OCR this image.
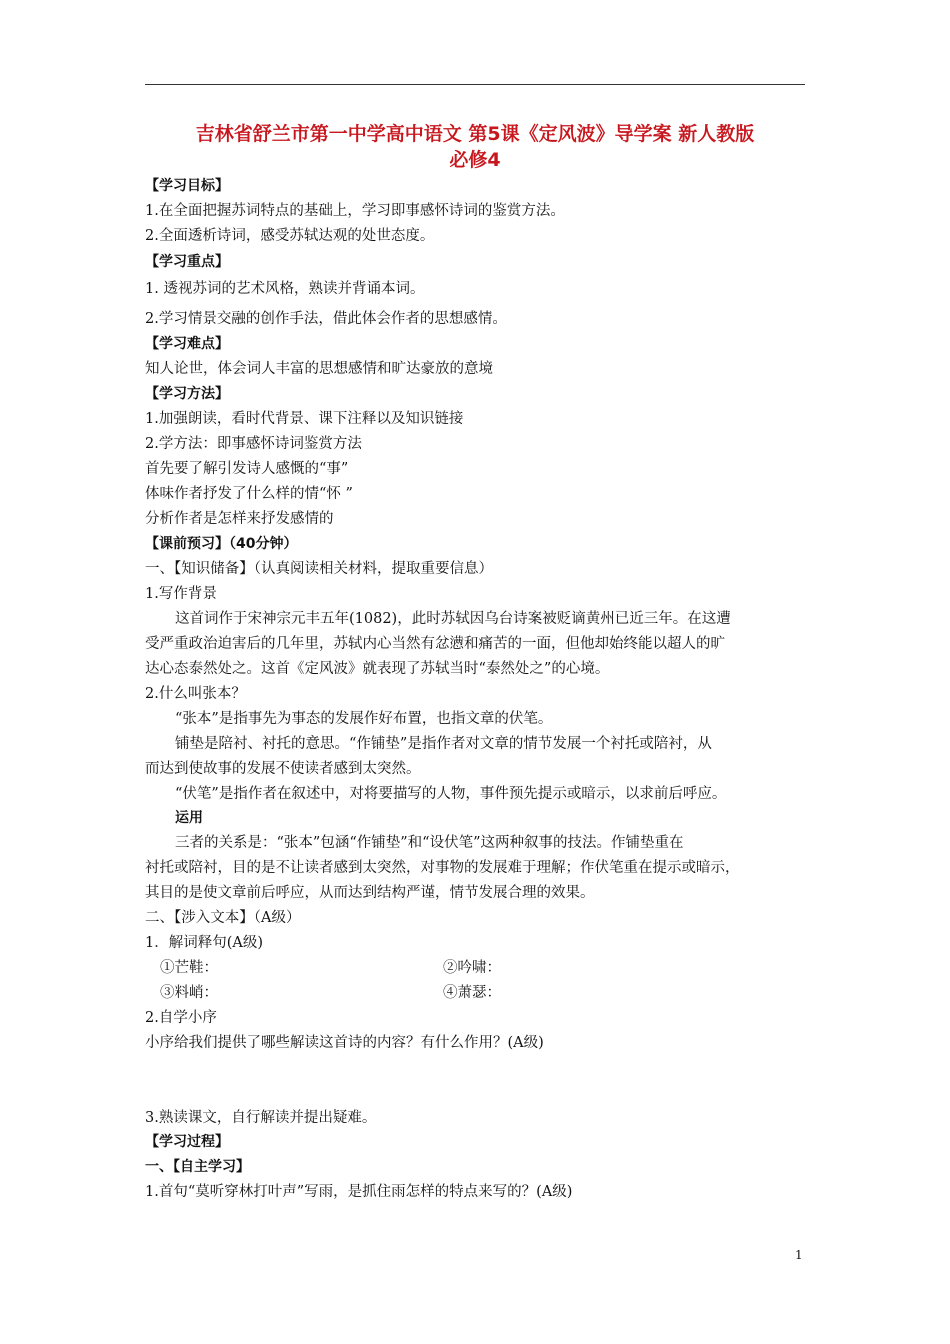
吉林省舒兰市第一中学高中语文 第5课《定风波》导学案 新人教版
必修4
【学习目标】
1.在全面把握苏词特点的基础上，学习即事感怀诗词的鉴赏方法。
2.全面透析诗词，感受苏轼达观的处世态度。
【学习重点】
1. 透视苏词的艺术风格，熟读并背诵本词。
2.学习情景交融的创作手法，借此体会作者的思想感情。
【学习难点】
知人论世，体会词人丰富的思想感情和旷达豪放的意境
【学习方法】
1.加强朗读，看时代背景、课下注释以及知识链接
2.学方法：即事感怀诗词鉴赏方法
首先要了解引发诗人感慨的“事”
体味作者抒发了什么样的情“怀 ”
分析作者是怎样来抒发感情的
【课前预习】（40分钟）
一、【知识储备】（认真阅读相关材料，提取重要信息）
1.写作背景
这首词作于宋神宗元丰五年(1082)，此时苏轼因乌台诗案被贬谪黄州已近三年。在这遭
受严重政治迫害后的几年里，苏轼内心当然有忿懑和痛苦的一面，但他却始终能以超人的旷
达心态泰然处之。这首《定风波》就表现了苏轼当时“泰然处之”的心境。
2.什么叫张本？
“张本”是指事先为事态的发展作好布置，也指文章的伏笔。
铺垫是陪衬、衬托的意思。“作铺垫”是指作者对文章的情节发展一个衬托或陪衬，从
而达到使故事的发展不使读者感到太突然。
“伏笔”是指作者在叙述中，对将要描写的人物，事件预先提示或暗示，以求前后呼应。
运用
三者的关系是：“张本”包涵“作铺垫”和“设伏笔”这两种叙事的技法。作铺垫重在
衬托或陪衬，目的是不让读者感到太突然，对事物的发展难于理解；作伏笔重在提示或暗示，
其目的是使文章前后呼应，从而达到结构严谨，情节发展合理的效果。
二、【涉入文本】（A级）
1．解词释句(A级)
①芒鞋：	②吟啸：
③料峭：	④萧瑟：
2.自学小序
小序给我们提供了哪些解读这首诗的内容？有什么作用？(A级)
3.熟读课文，自行解读并提出疑难。
【学习过程】
一、【自主学习】
1.首句“莫听穿林打叶声”写雨，是抓住雨怎样的特点来写的？(A级)
1
